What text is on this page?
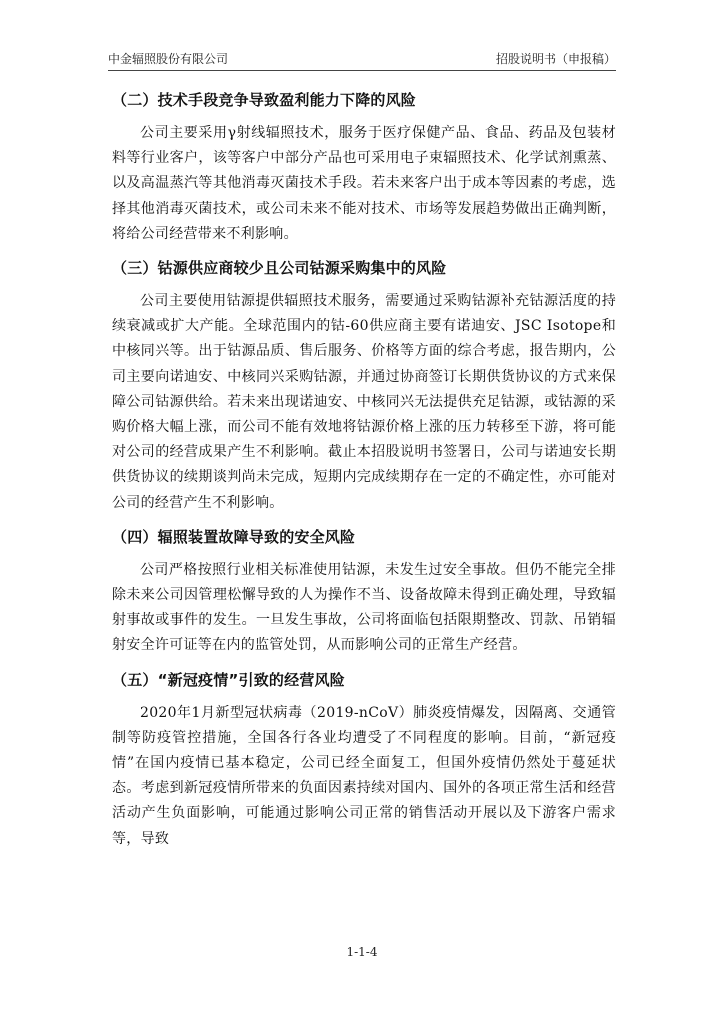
中金辐照股份有限公司	招股说明书（申报稿）
（二）技术手段竞争导致盈利能力下降的风险

公司主要采用γ射线辐照技术，服务于医疗保健产品、食品、药品及包装材料等行业客户，该等客户中部分产品也可采用电子束辐照技术、化学试剂熏蒸、以及高温蒸汽等其他消毒灭菌技术手段。若未来客户出于成本等因素的考虑，选择其他消毒灭菌技术，或公司未来不能对技术、市场等发展趋势做出正确判断，将给公司经营带来不利影响。

（三）钴源供应商较少且公司钴源采购集中的风险

公司主要使用钴源提供辐照技术服务，需要通过采购钴源补充钴源活度的持续衰减或扩大产能。全球范围内的钴-60供应商主要有诺迪安、JSC Isotope和中核同兴等。出于钴源品质、售后服务、价格等方面的综合考虑，报告期内，公司主要向诺迪安、中核同兴采购钴源，并通过协商签订长期供货协议的方式来保障公司钴源供给。若未来出现诺迪安、中核同兴无法提供充足钴源，或钴源的采购价格大幅上涨，而公司不能有效地将钴源价格上涨的压力转移至下游，将可能对公司的经营成果产生不利影响。截止本招股说明书签署日，公司与诺迪安长期供货协议的续期谈判尚未完成，短期内完成续期存在一定的不确定性，亦可能对公司的经营产生不利影响。

（四）辐照装置故障导致的安全风险

公司严格按照行业相关标准使用钴源，未发生过安全事故。但仍不能完全排除未来公司因管理松懈导致的人为操作不当、设备故障未得到正确处理，导致辐射事故或事件的发生。一旦发生事故，公司将面临包括限期整改、罚款、吊销辐射安全许可证等在内的监管处罚，从而影响公司的正常生产经营。

（五）“新冠疫情”引致的经营风险

2020年1月新型冠状病毒（2019-nCoV）肺炎疫情爆发，因隔离、交通管制等防疫管控措施，全国各行各业均遭受了不同程度的影响。目前，“新冠疫情”在国内疫情已基本稳定，公司已经全面复工，但国外疫情仍然处于蔓延状态。考虑到新冠疫情所带来的负面因素持续对国内、国外的各项正常生活和经营活动产生负面影响，可能通过影响公司正常的销售活动开展以及下游客户需求等，导致

1-1-4
